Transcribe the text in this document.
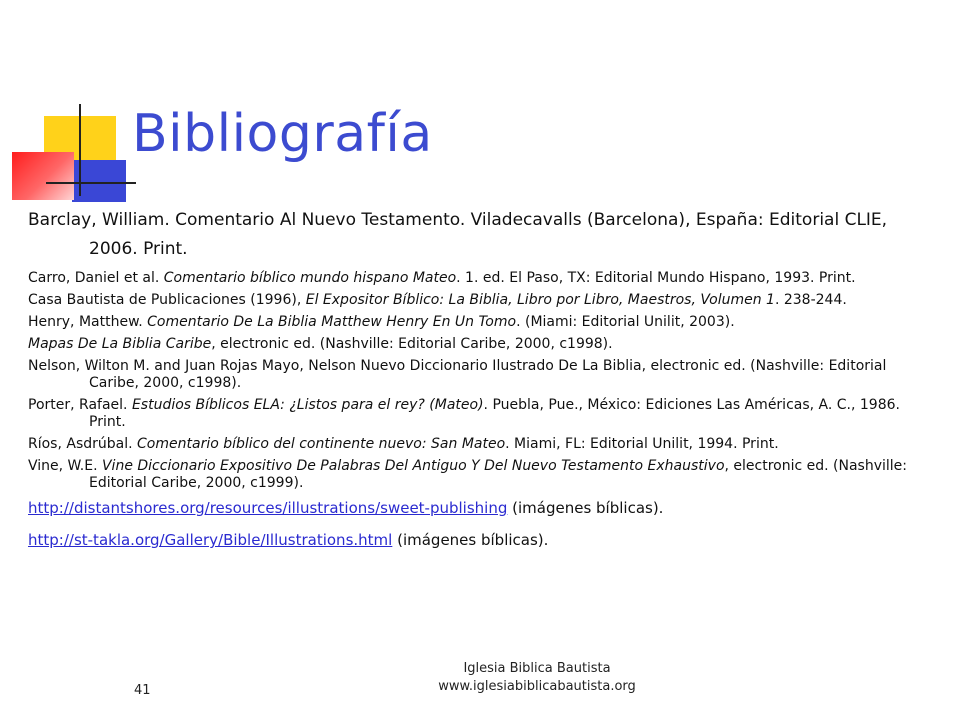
Bibliografía
Barclay, William. Comentario Al Nuevo Testamento. Viladecavalls (Barcelona), España: Editorial CLIE, 2006. Print.
Carro, Daniel et al. Comentario bíblico mundo hispano Mateo. 1. ed. El Paso, TX: Editorial Mundo Hispano, 1993. Print.
Casa Bautista de Publicaciones (1996), El Expositor Bíblico: La Biblia, Libro por Libro, Maestros, Volumen 1. 238-244.
Henry, Matthew. Comentario De La Biblia Matthew Henry En Un Tomo. (Miami: Editorial Unilit, 2003).
Mapas De La Biblia Caribe, electronic ed. (Nashville: Editorial Caribe, 2000, c1998).
Nelson, Wilton M. and Juan Rojas Mayo, Nelson Nuevo Diccionario Ilustrado De La Biblia, electronic ed. (Nashville: Editorial Caribe, 2000, c1998).
Porter, Rafael. Estudios Bíblicos ELA: ¿Listos para el rey? (Mateo). Puebla, Pue., México: Ediciones Las Américas, A. C., 1986. Print.
Ríos, Asdrúbal. Comentario bíblico del continente nuevo: San Mateo. Miami, FL: Editorial Unilit, 1994. Print.
Vine, W.E. Vine Diccionario Expositivo De Palabras Del Antiguo Y Del Nuevo Testamento Exhaustivo, electronic ed. (Nashville: Editorial Caribe, 2000, c1999).
http://distantshores.org/resources/illustrations/sweet-publishing (imágenes bíblicas).
http://st-takla.org/Gallery/Bible/Illustrations.html (imágenes bíblicas).
41
Iglesia Biblica Bautista
www.iglesiabiblicabautista.org
